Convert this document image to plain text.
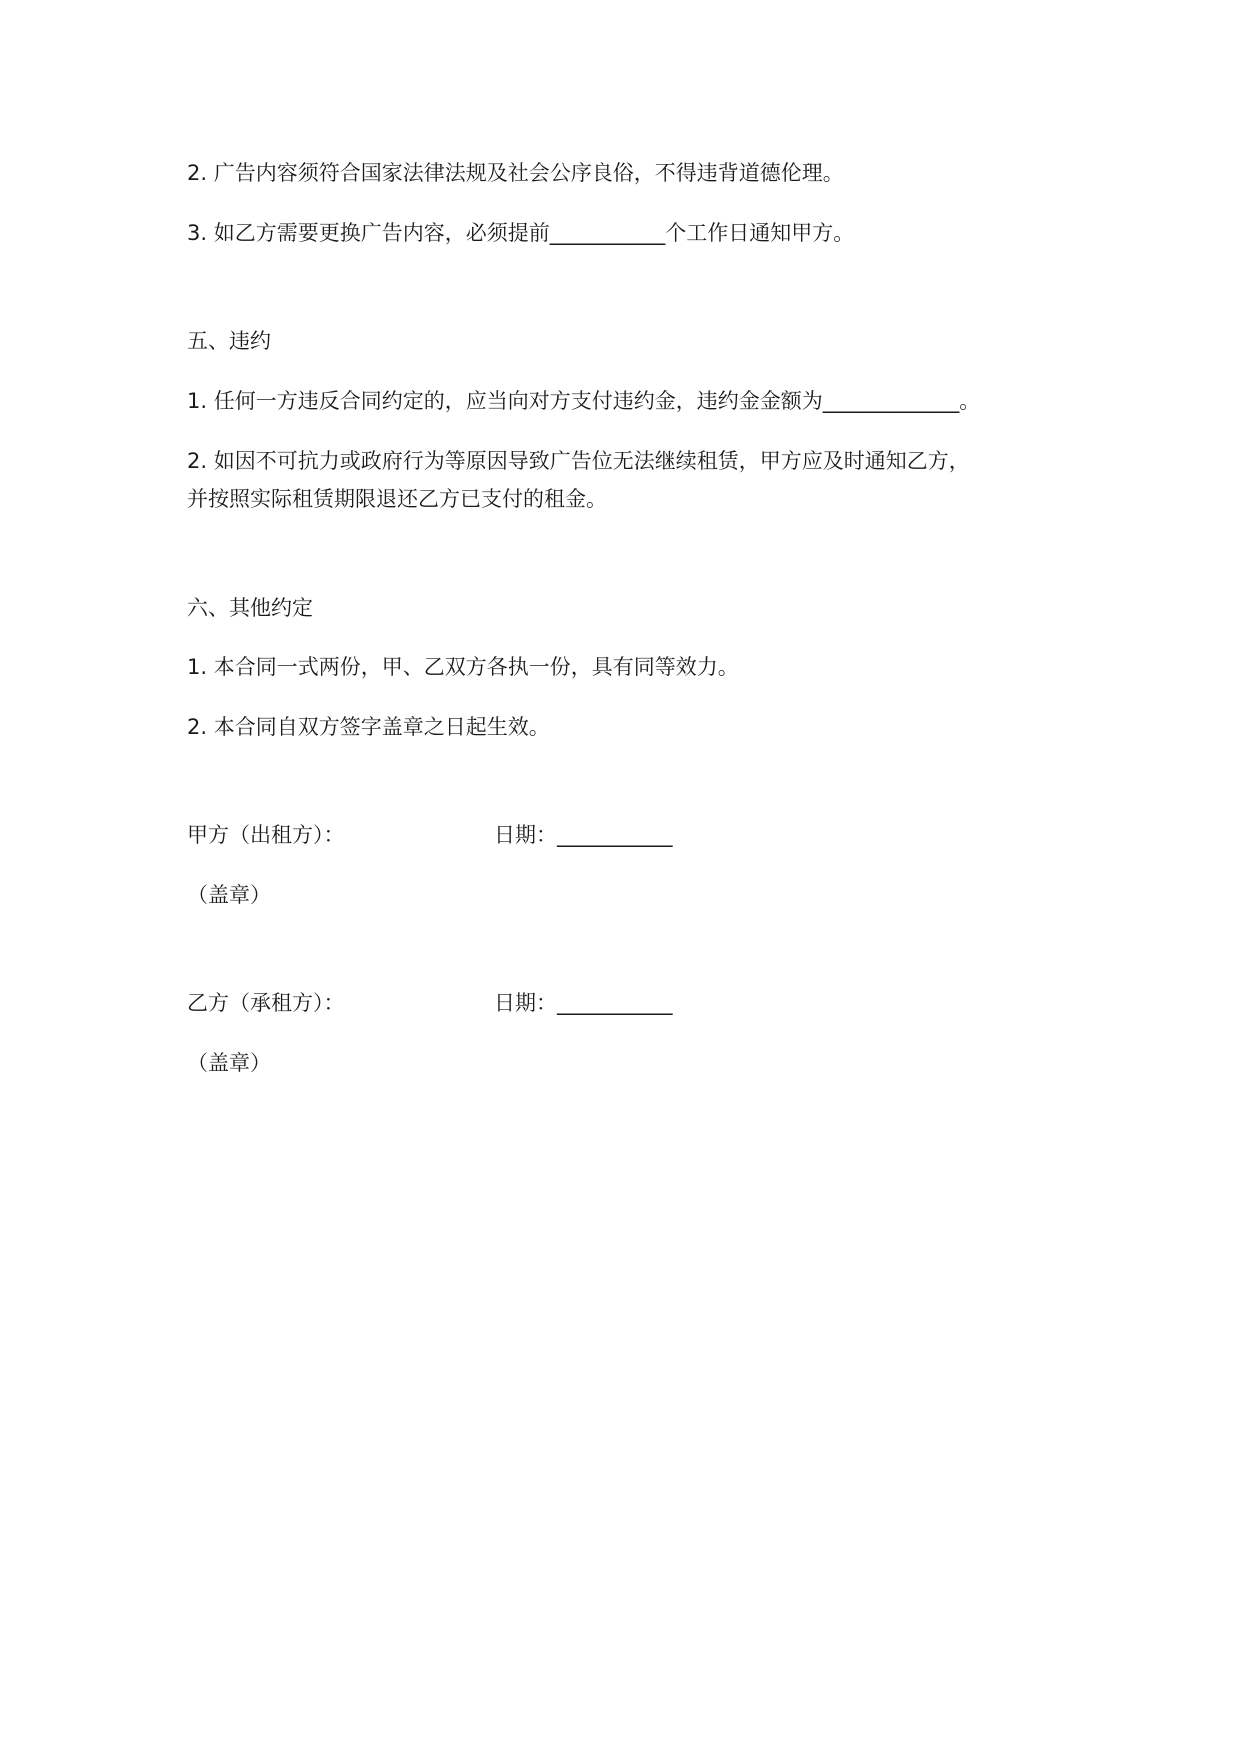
2. 广告内容须符合国家法律法规及社会公序良俗，不得违背道德伦理。
3. 如乙方需要更换广告内容，必须提前___________个工作日通知甲方。
五、违约
1. 任何一方违反合同约定的，应当向对方支付违约金，违约金金额为_____________。
2. 如因不可抗力或政府行为等原因导致广告位无法继续租赁，甲方应及时通知乙方，
并按照实际租赁期限退还乙方已支付的租金。
六、其他约定
1. 本合同一式两份，甲、乙双方各执一份，具有同等效力。
2. 本合同自双方签字盖章之日起生效。
甲方（出租方）：	日期：___________
（盖章）
乙方（承租方）：	日期：___________
（盖章）
